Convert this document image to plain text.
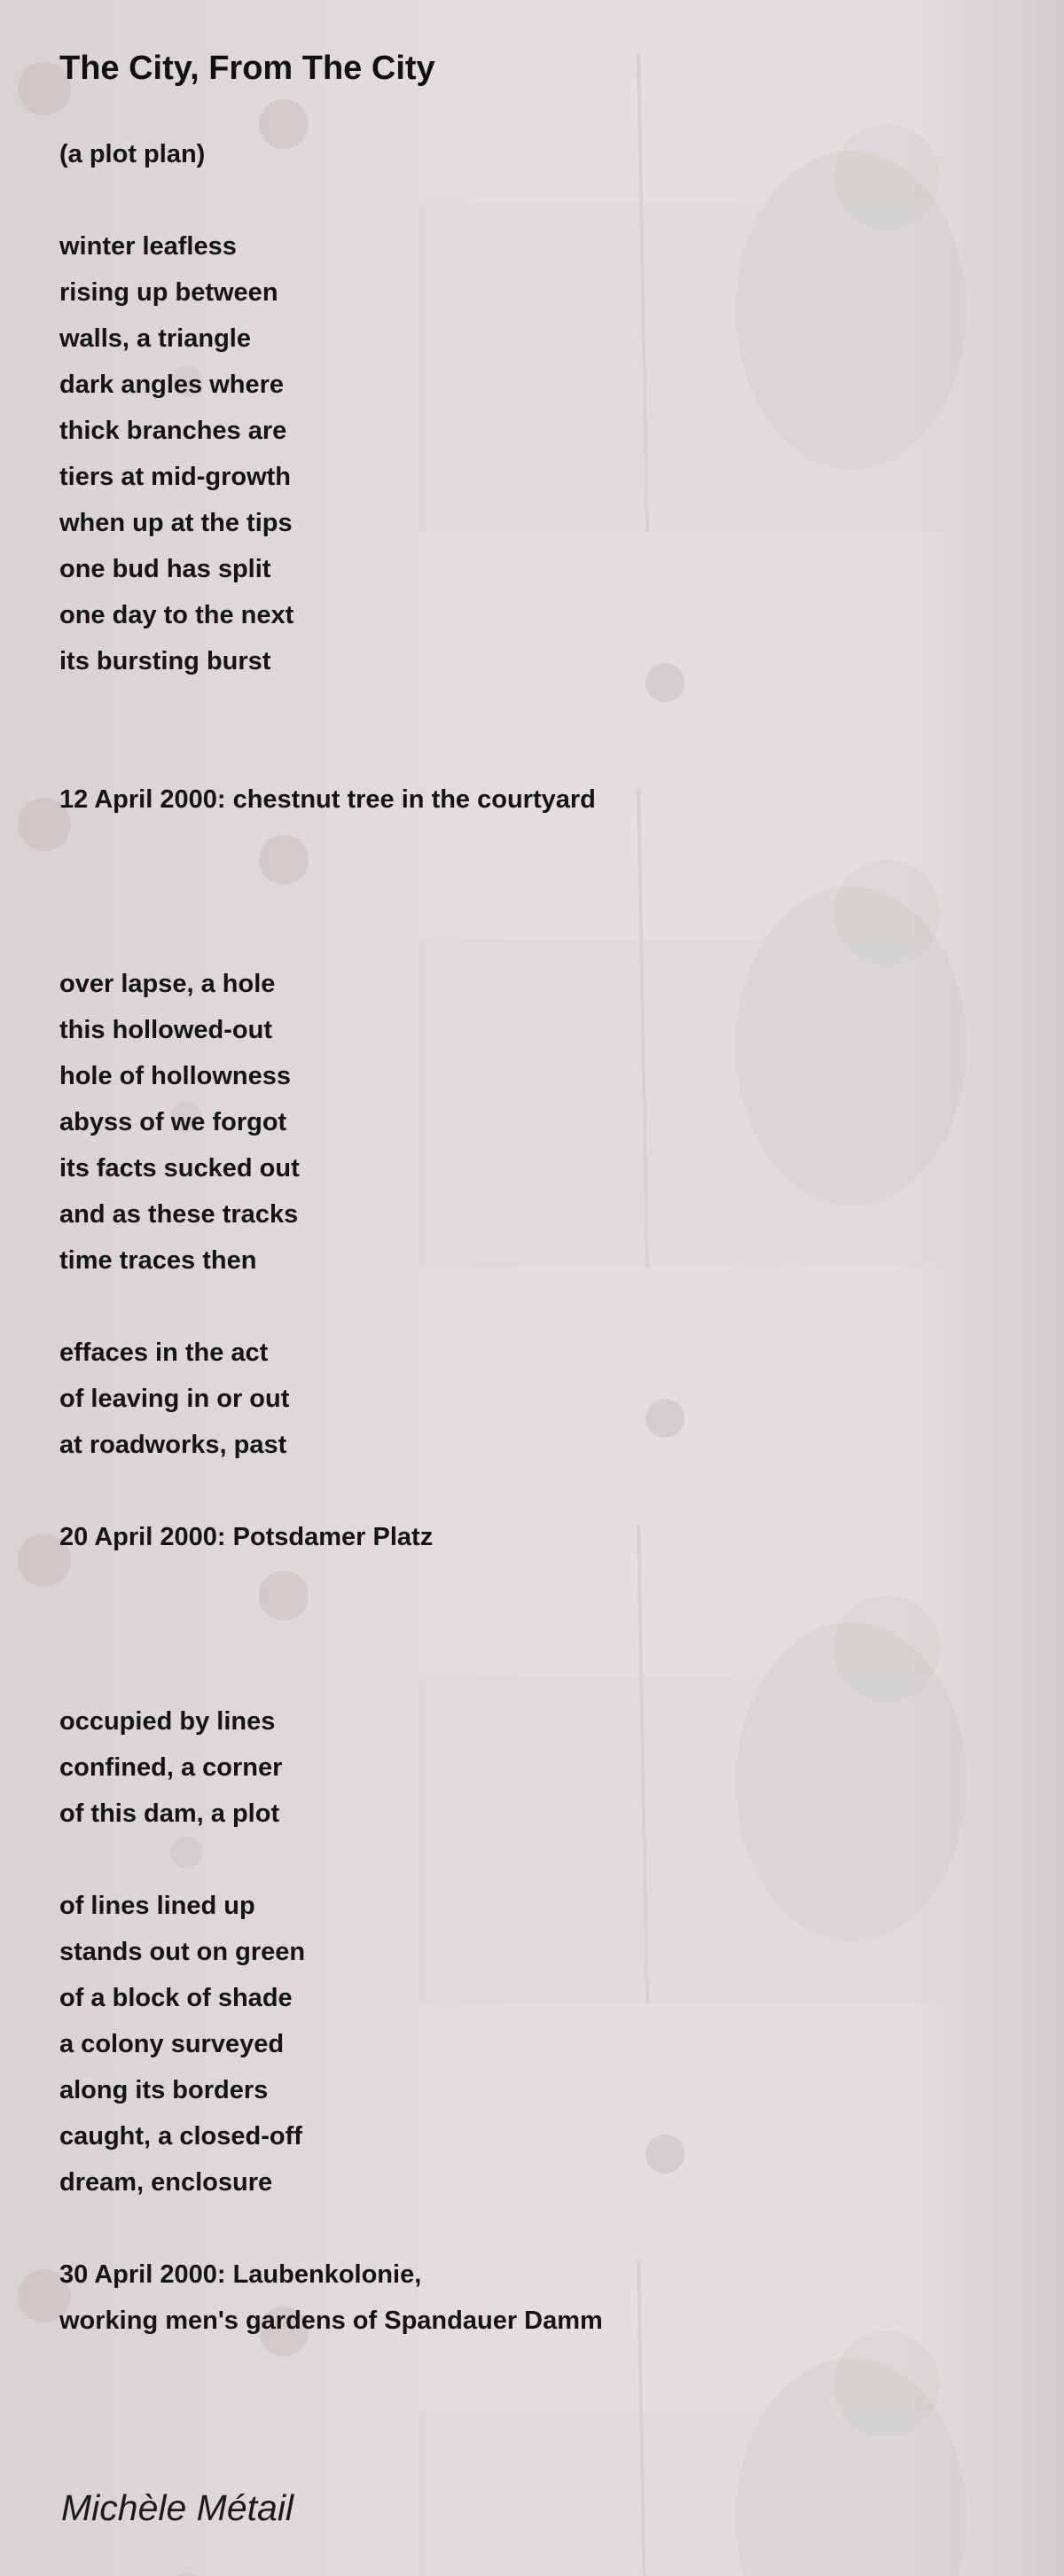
The City, From The City
(a plot plan)
winter leafless
rising up between
walls, a triangle
dark angles where
thick branches are
tiers at mid-growth
when up at the tips
one bud has split
one day to the next
its bursting burst
12 April 2000: chestnut tree in the courtyard
over lapse, a hole
this hollowed-out
hole of hollowness
abyss of we forgot
its facts sucked out
and as these tracks
time traces then
effaces in the act
of leaving in or out
at roadworks, past
20 April 2000: Potsdamer Platz
occupied by lines
confined, a corner
of this dam, a plot
of lines lined up
stands out on green
of a block of shade
a colony surveyed
along its borders
caught, a closed-off
dream, enclosure
30 April 2000: Laubenkolonie,
working men's gardens of Spandauer Damm
Michèle Métail
